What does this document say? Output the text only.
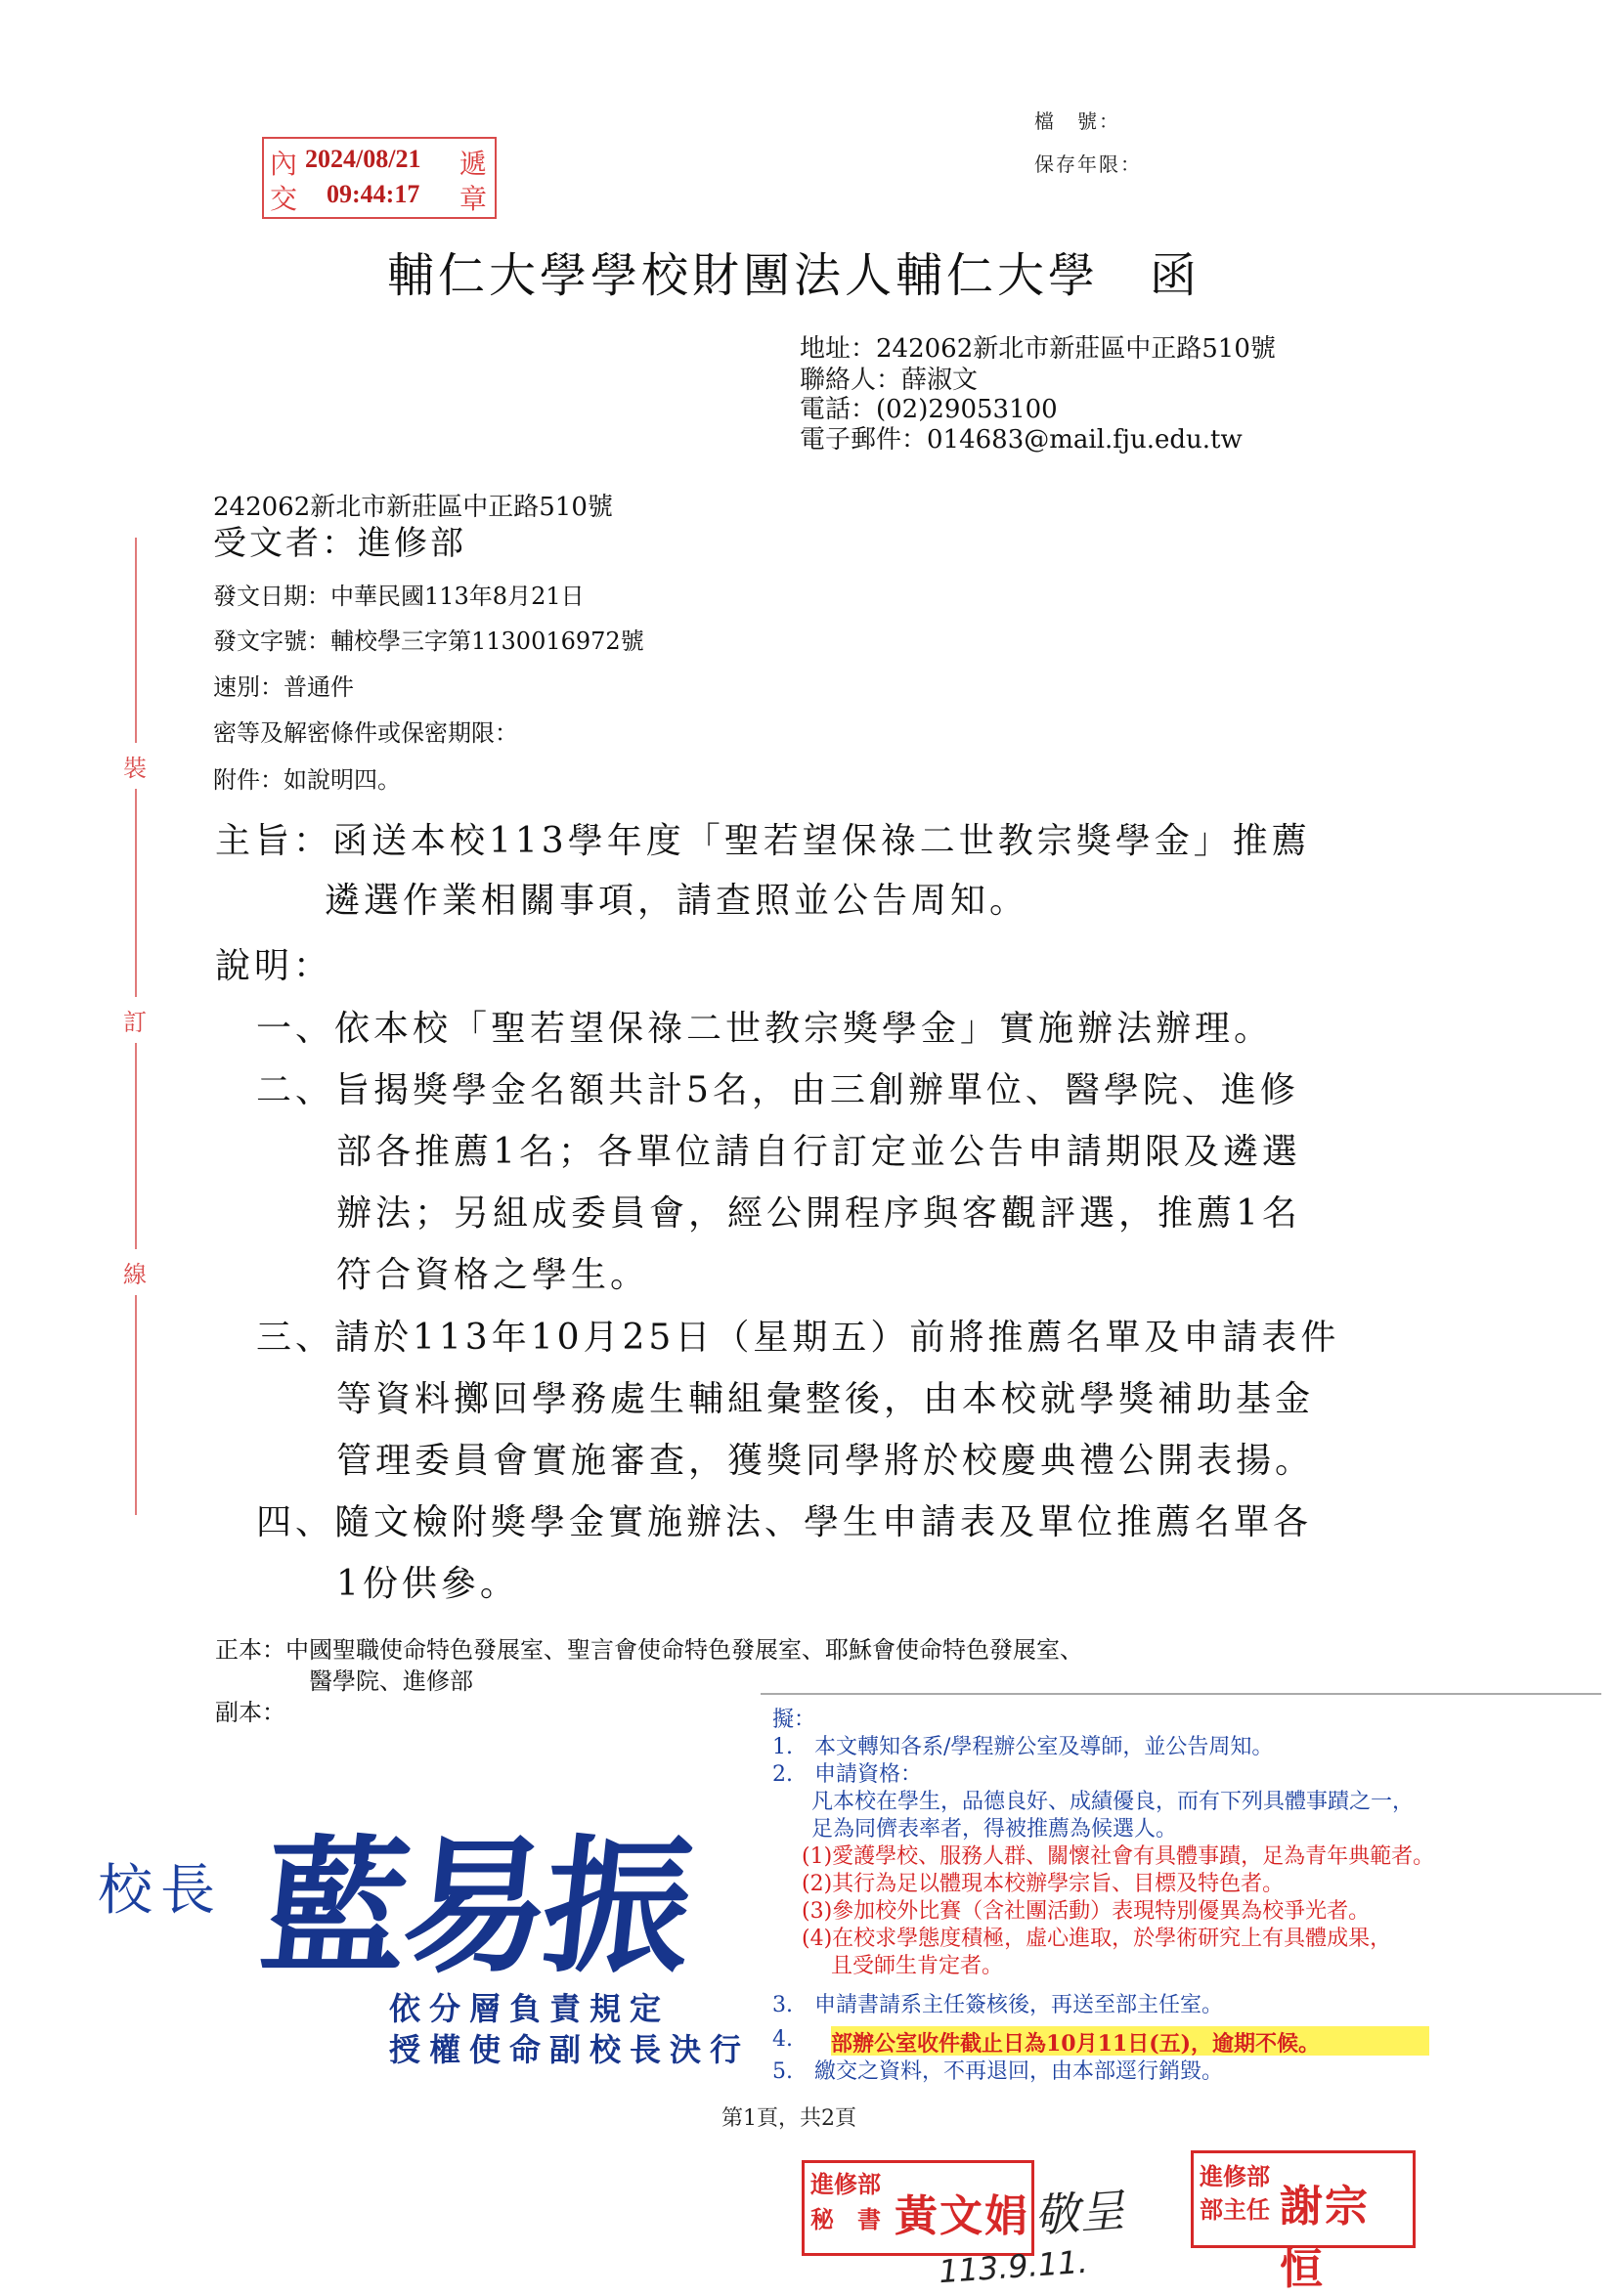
內
交
遞
章
2024/08/21
09:44:17
檔　號：
保存年限：
輔仁大學學校財團法人輔仁大學　函
地址：242062新北市新莊區中正路510號
聯絡人：薛淑文
電話：(02)29053100
電子郵件：014683@mail.fju.edu.tw
242062新北市新莊區中正路510號
受文者：進修部
發文日期：中華民國113年8月21日
發文字號：輔校學三字第1130016972號
速別：普通件
密等及解密條件或保密期限：
附件：如說明四。
裝
訂
線
主旨：函送本校113學年度「聖若望保祿二世教宗獎學金」推薦
遴選作業相關事項，請查照並公告周知。
說明：
一、依本校「聖若望保祿二世教宗獎學金」實施辦法辦理。
二、旨揭獎學金名額共計5名，由三創辦單位、醫學院、進修
部各推薦1名；各單位請自行訂定並公告申請期限及遴選
辦法；另組成委員會，經公開程序與客觀評選，推薦1名
符合資格之學生。
三、請於113年10月25日（星期五）前將推薦名單及申請表件
等資料擲回學務處生輔組彙整後，由本校就學獎補助基金
管理委員會實施審查，獲獎同學將於校慶典禮公開表揚。
四、隨文檢附獎學金實施辦法、學生申請表及單位推薦名單各
1份供參。
正本：中國聖職使命特色發展室、聖言會使命特色發展室、耶穌會使命特色發展室、
醫學院、進修部
副本：
校長 藍易振
依分層負責規定
授權使命副校長決行
擬：
1.　本文轉知各系/學程辦公室及導師，並公告周知。
2.　申請資格：
凡本校在學生，品德良好、成績優良，而有下列具體事蹟之一，
足為同儕表率者，得被推薦為候選人。
(1)愛護學校、服務人群、關懷社會有具體事蹟，足為青年典範者。
(2)其行為足以體現本校辦學宗旨、目標及特色者。
(3)參加校外比賽（含社團活動）表現特別優異為校爭光者。
(4)在校求學態度積極，虛心進取，於學術研究上有具體成果，
且受師生肯定者。
3.　申請書請系主任簽核後，再送至部主任室。
4. 部辦公室收件截止日為10月11日(五)，逾期不候。
5.　繳交之資料，不再退回，由本部逕行銷毀。
第1頁，共2頁
進修部
秘　書 黃文娟
進修部
部主任 謝宗恒
敬呈
113.9.11.
